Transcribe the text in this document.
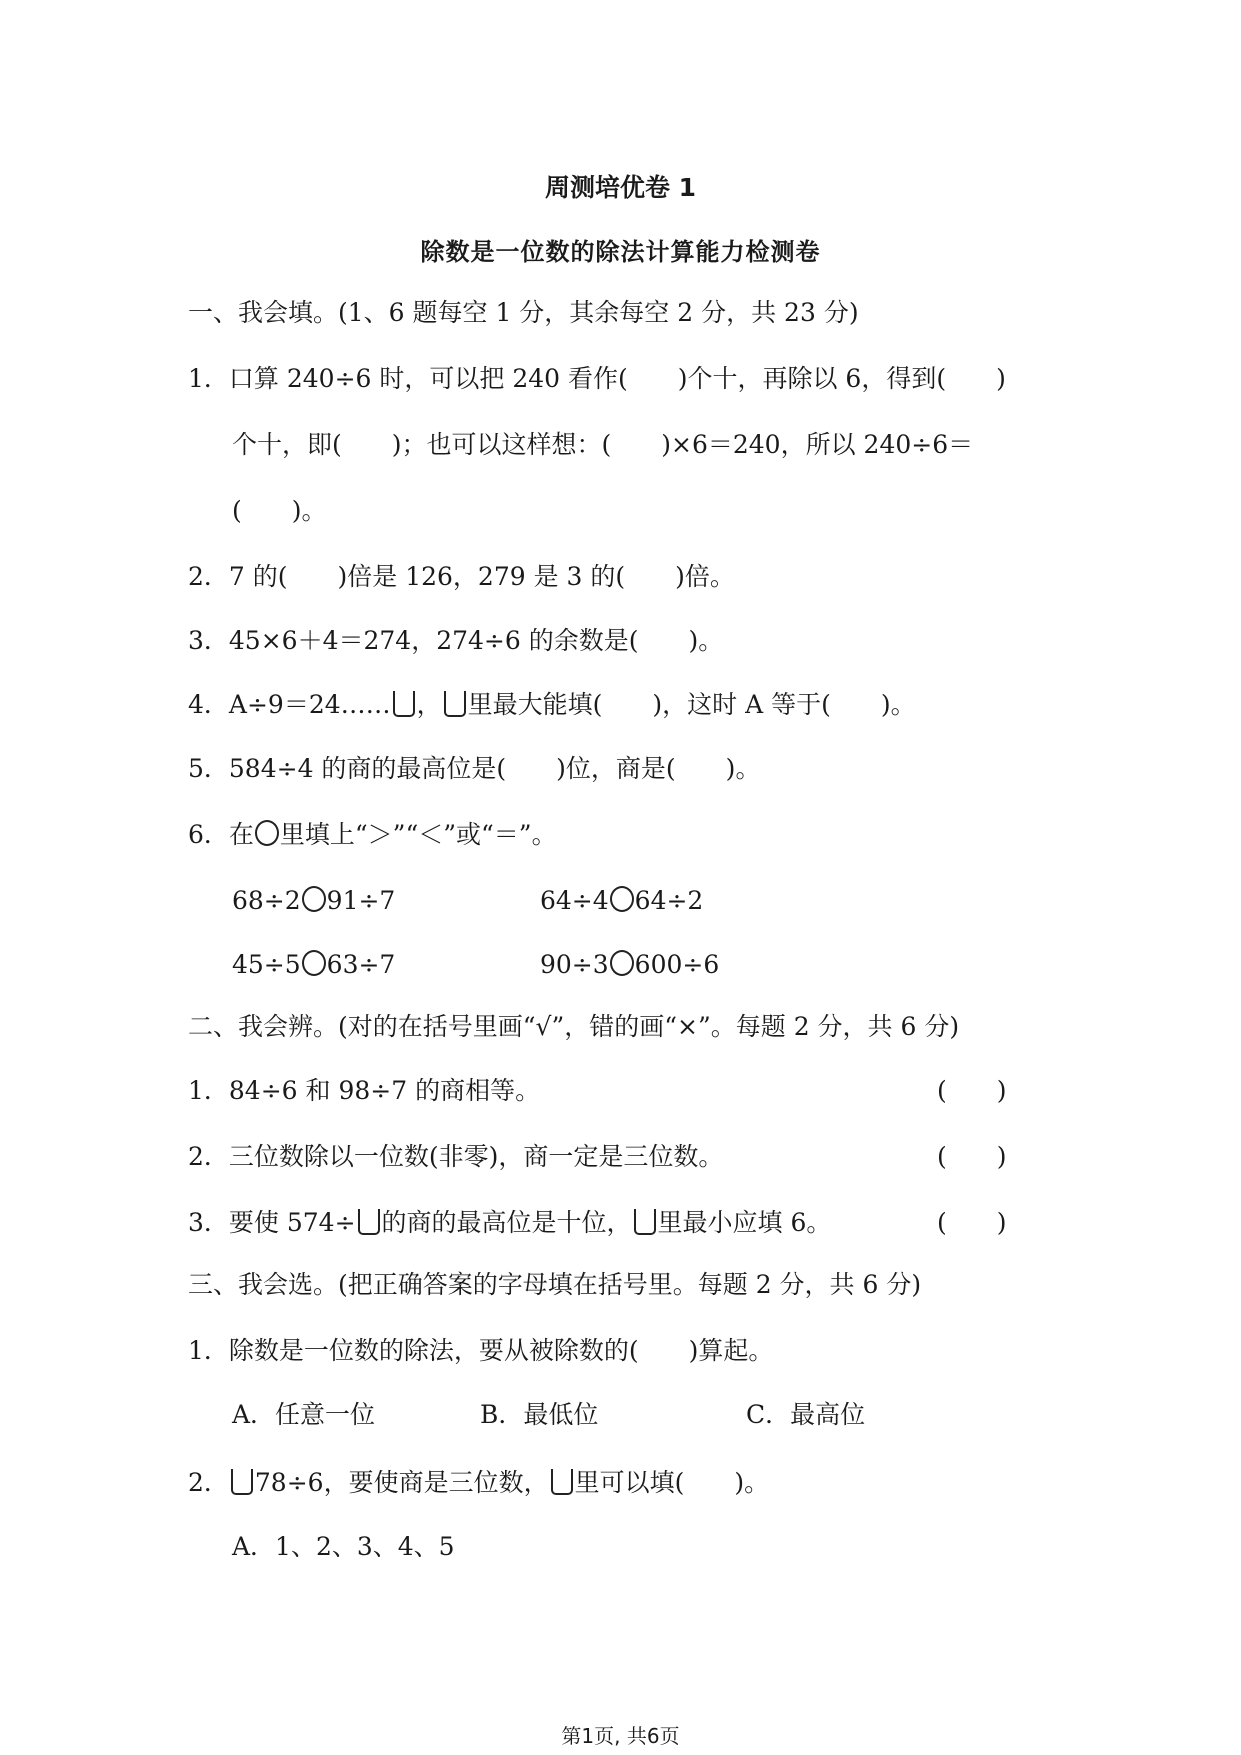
周测培优卷 1
除数是一位数的除法计算能力检测卷
一、我会填。(1、6 题每空 1 分，其余每空 2 分，共 23 分)
1．口算 240÷6 时，可以把 240 看作(　　)个十，再除以 6，得到(　　)
个十，即(　　)；也可以这样想：(　　)×6＝240，所以 240÷6＝
(　　)。
2．7 的(　　)倍是 126，279 是 3 的(　　)倍。
3．45×6＋4＝274，274÷6 的余数是(　　)。
4．A÷9＝24…… ， 里最大能填(　　)，这时 A 等于(　　)。
5．584÷4 的商的最高位是(　　)位，商是(　　)。
6．在 里填上“＞”“＜”或“＝”。
68÷2 91÷7	64÷4 64÷2
45÷5 63÷7	90÷3 600÷6
二、我会辨。(对的在括号里画“√”，错的画“×”。每题 2 分，共 6 分)
1．84÷6 和 98÷7 的商相等。	(　　)
2．三位数除以一位数(非零)，商一定是三位数。	(　　)
3．要使 574÷ 的商的最高位是十位， 里最小应填 6。	(　　)
三、我会选。(把正确答案的字母填在括号里。每题 2 分，共 6 分)
1．除数是一位数的除法，要从被除数的(　　)算起。
A．任意一位	B．最低位	C．最高位
2． 78÷6，要使商是三位数， 里可以填(　　)。
A．1、2、3、4、5
第1页, 共6页
